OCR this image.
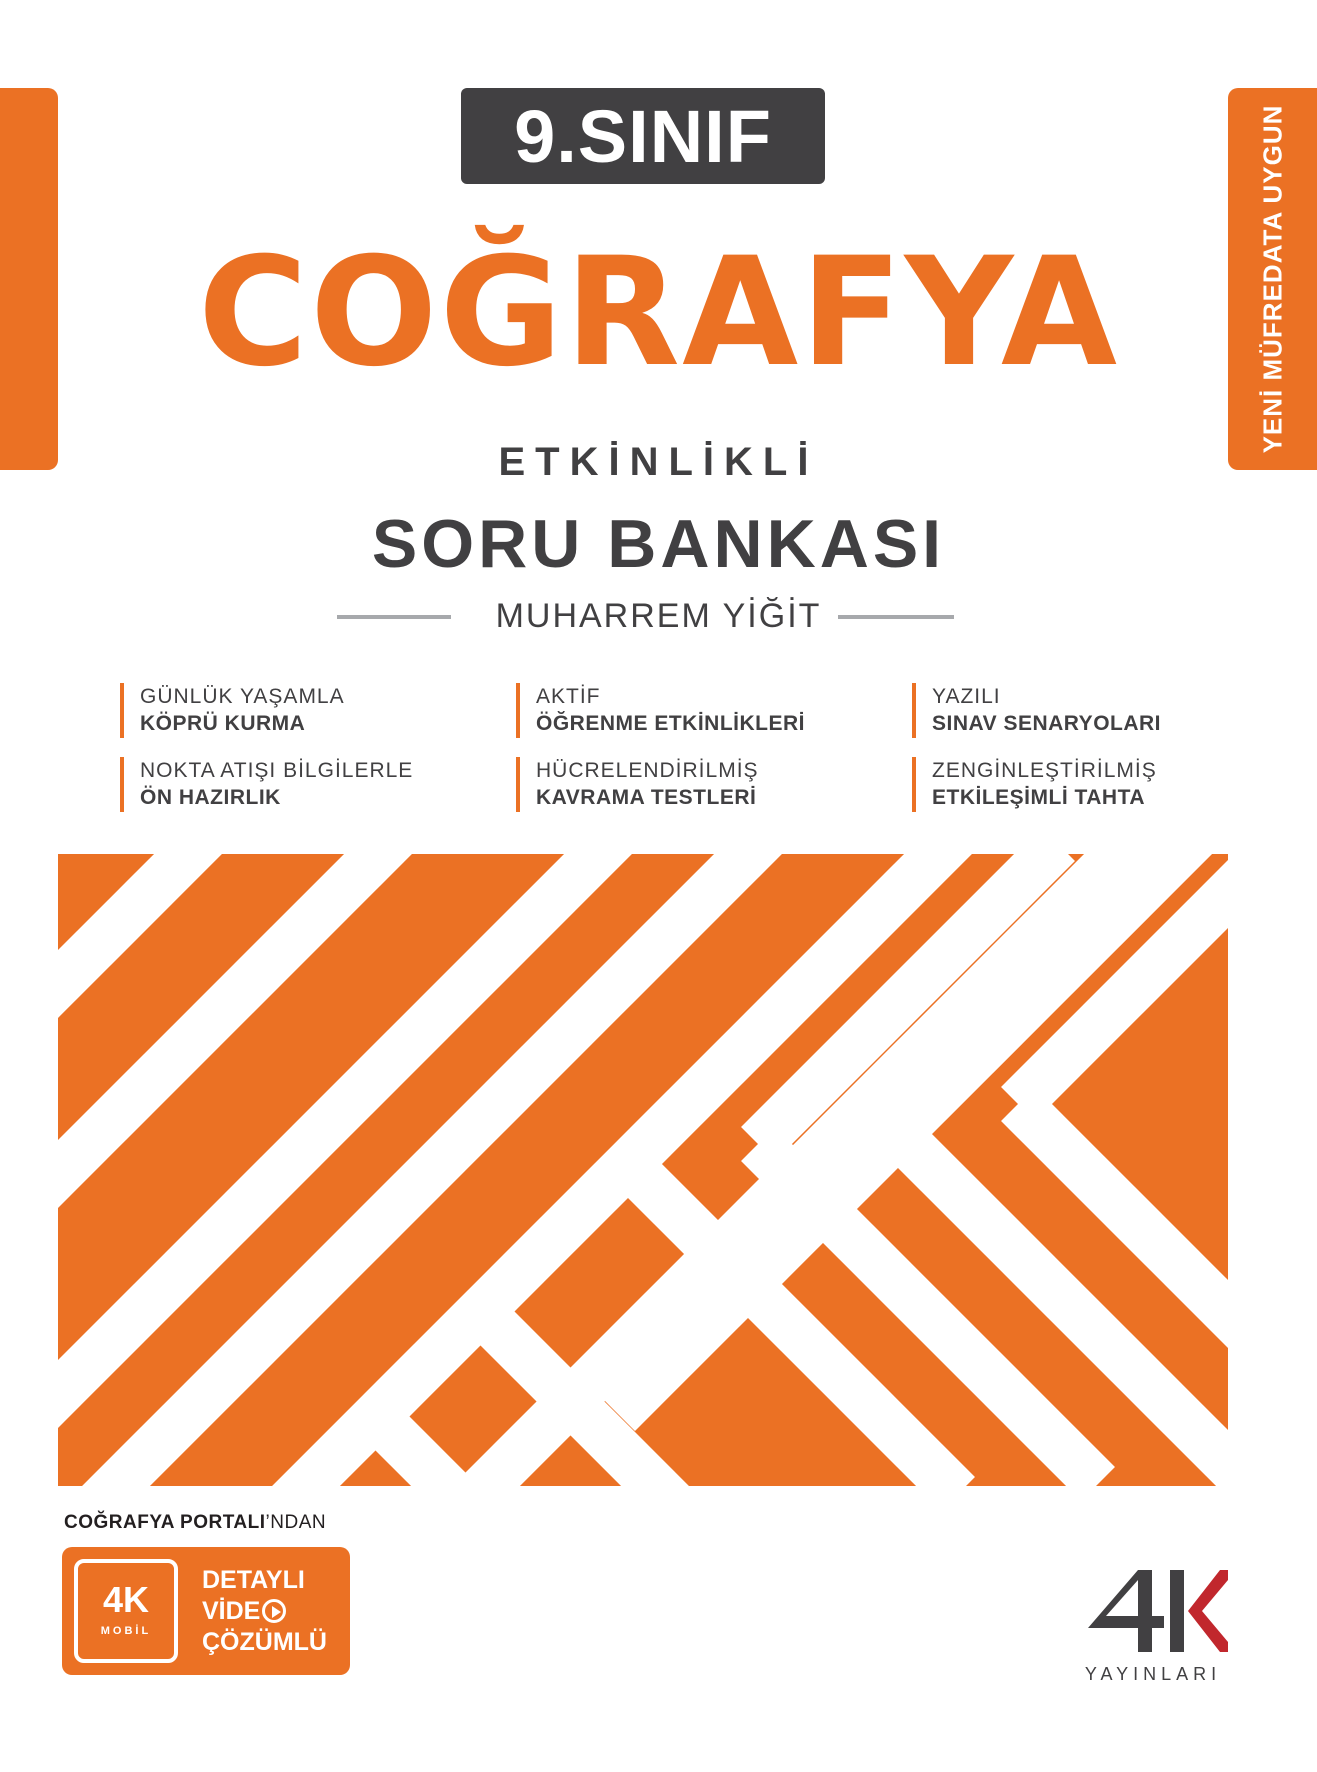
YENİ MÜFREDATA UYGUN
9.SINIF
COĞRAFYA
ETKİNLİKLİ
SORU BANKASI
MUHARREM YİĞİT
GÜNLÜK YAŞAMLA
KÖPRÜ KURMA
AKTİF
ÖĞRENME ETKİNLİKLERİ
YAZILI
SINAV SENARYOLARI
NOKTA ATIŞI BİLGİLERLE
ÖN HAZIRLIK
HÜCRELENDİRİLMİŞ
KAVRAMA TESTLERİ
ZENGİNLEŞTİRİLMİŞ
ETKİLEŞİMLİ TAHTA
COĞRAFYA PORTALI’NDAN
4K
MOBİL
DETAYLI
VİDE
ÇÖZÜMLÜ
4K
YAYINLARI
